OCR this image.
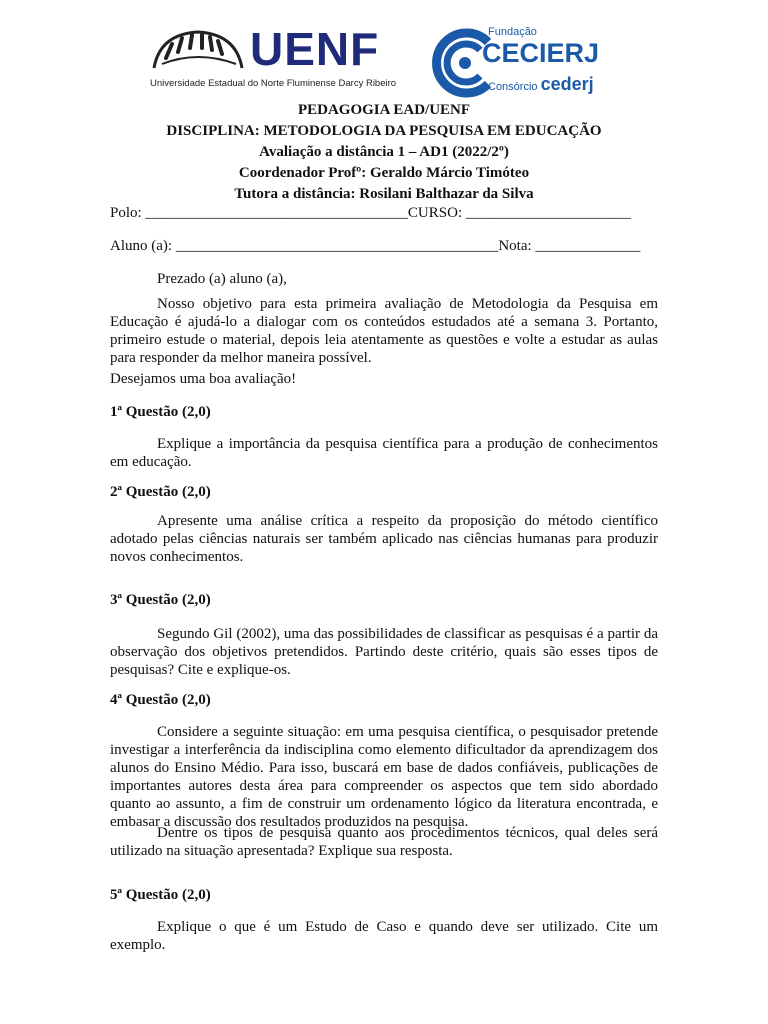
UENF
Universidade Estadual do Norte Fluminense Darcy Ribeiro
Fundação
CECIERJ
Consórcio cederj
PEDAGOGIA EAD/UENF
DISCIPLINA: METODOLOGIA DA PESQUISA EM EDUCAÇÃO
Avaliação a distância 1 – AD1 (2022/2º)
Coordenador Profº: Geraldo Márcio Timóteo
Tutora a distância: Rosilani Balthazar da Silva
Polo: ___________________________________CURSO: ______________________
Aluno (a): ___________________________________________Nota: ______________
Prezado (a) aluno (a),
Nosso objetivo para esta primeira avaliação de Metodologia da Pesquisa em Educação é ajudá-lo a dialogar com os conteúdos estudados até a semana 3. Portanto, primeiro estude o material, depois leia atentamente as questões e volte a estudar as aulas para responder da melhor maneira possível.
Desejamos uma boa avaliação!
1ª Questão (2,0)
Explique a importância da pesquisa científica para a produção de conhecimentos em educação.
2ª Questão (2,0)
Apresente uma análise crítica a respeito da proposição do método científico adotado pelas ciências naturais ser também aplicado nas ciências humanas para produzir novos conhecimentos.
3ª Questão (2,0)
Segundo Gil (2002), uma das possibilidades de classificar as pesquisas é a partir da observação dos objetivos pretendidos. Partindo deste critério, quais são esses tipos de pesquisas? Cite e explique-os.
4ª Questão (2,0)
Considere a seguinte situação: em uma pesquisa científica, o pesquisador pretende investigar a interferência da indisciplina como elemento dificultador da aprendizagem dos alunos do Ensino Médio. Para isso, buscará em base de dados confiáveis, publicações de importantes autores desta área para compreender os aspectos que tem sido abordado quanto ao assunto, a fim de construir um ordenamento lógico da literatura encontrada, e embasar a discussão dos resultados produzidos na pesquisa.
Dentre os tipos de pesquisa quanto aos procedimentos técnicos, qual deles será utilizado na situação apresentada? Explique sua resposta.
5ª Questão (2,0)
Explique o que é um Estudo de Caso e quando deve ser utilizado. Cite um exemplo.
